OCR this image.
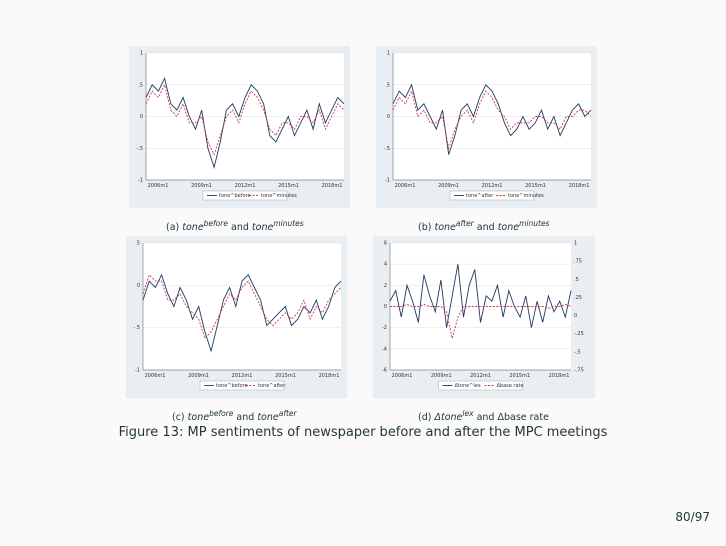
1
.5
0
-.5
-1
2006m1	2009m1	2012m1	2015m1	2018m1
tone^before tone^minutes
(a) tone$^{before}$ and tone$^{minutes}$
1
.5
0
-.5
-1
2006m1	2009m1	2012m1	2015m1	2018m1
tone^after	tone^minutes
(b) tone$^{after}$ and tone$^{minutes}$
.5
0
-.5
-1
2006m1	2009m1	2012m1	2015m1	2018m1
tone^before tone^after
(c) tone$^{before}$ and tone$^{after}$
6
4
2
0
-2
-4
-6
1
.75
.5
.25
0
-.25
-.5
-.75
2006m1	2009m1	2012m1	2015m1	2018m1
Δtone^lex	Δbase rate
(d) Δtone$^{lex}$ and Δbase rate
Figure 13: MP sentiments of newspaper before and after the MPC meetings
80/97
